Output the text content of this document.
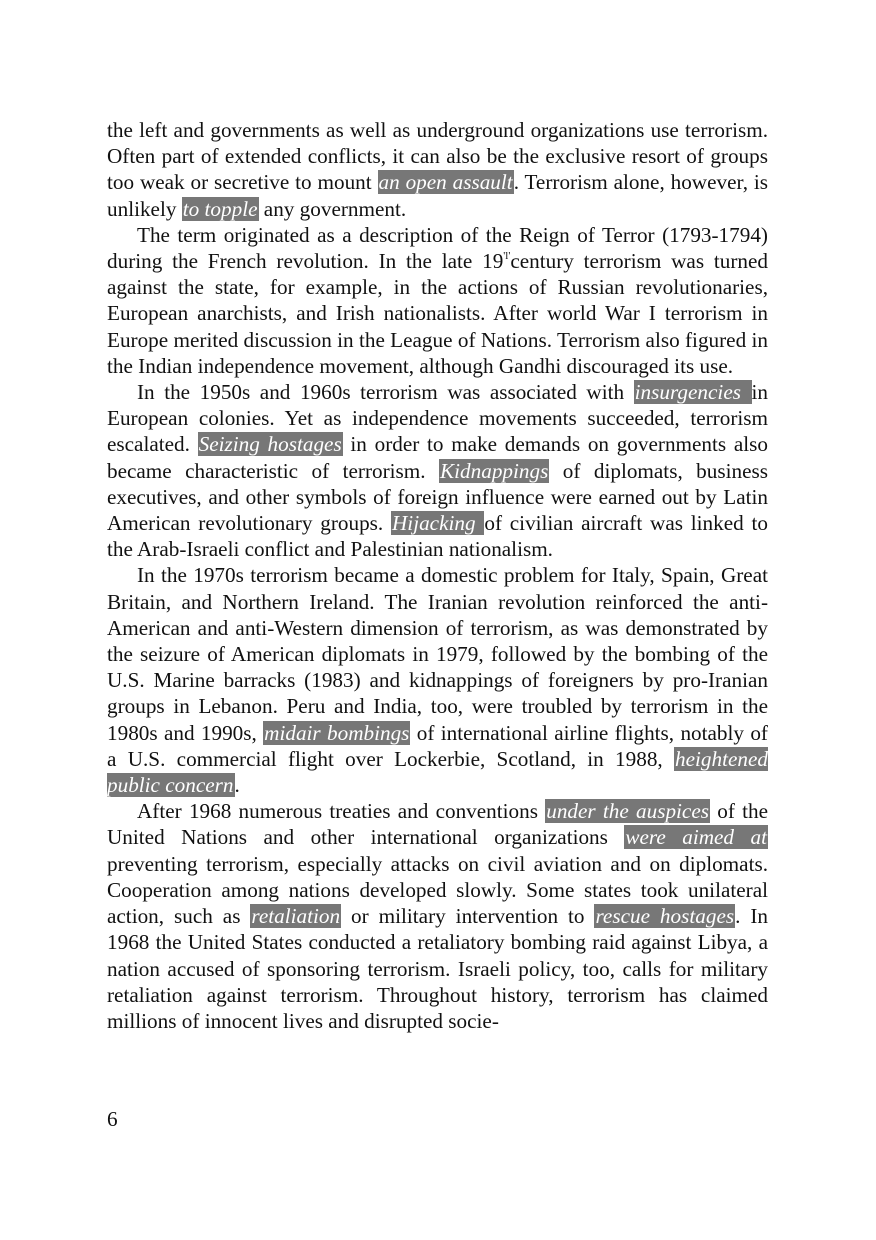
the left and governments as well as underground organizations use terrorism. Often part of extended conflicts, it can also be the exclusive resort of groups too weak or secretive to mount an open assault. Terrorism alone, however, is unlikely to topple any government.

The term originated as a description of the Reign of Terror (1793-1794) during the French revolution. In the late $19^{'l'}century$ terrorism was turned against the state, for example, in the actions of Russian revolutionaries, European anarchists, and Irish nationalists. After world War I terrorism in Europe merited discussion in the League of Nations. Terrorism also figured in the Indian independence movement, although Gandhi discouraged its use.

In the 1950s and 1960s terrorism was associated with insurgencies in European colonies. Yet as independence movements succeeded, terrorism escalated. Seizing hostages in order to make demands on governments also became characteristic of terrorism. Kidnappings of diplomats, business executives, and other symbols of foreign influence were earned out by Latin American revolutionary groups. Hijacking of civilian aircraft was linked to the Arab-Israeli conflict and Palestinian nationalism.

In the 1970s terrorism became a domestic problem for Italy, Spain, Great Britain, and Northern Ireland. The Iranian revolution reinforced the anti-American and anti-Western dimension of terrorism, as was demonstrated by the seizure of American diplomats in 1979, followed by the bombing of the U.S. Marine barracks (1983) and kidnappings of foreigners by pro-Iranian groups in Lebanon. Peru and India, too, were troubled by terrorism in the 1980s and 1990s, midair bombings of international airline flights, notably of a U.S. commercial flight over Lockerbie, Scotland, in 1988, heightened public concern.

After 1968 numerous treaties and conventions under the auspices of the United Nations and other international organizations were aimed at preventing terrorism, especially attacks on civil aviation and on diplomats. Cooperation among nations developed slowly. Some states took unilateral action, such as retaliation or military intervention to rescue hostages. In 1968 the United States conducted a retaliatory bombing raid against Libya, a nation accused of sponsoring terrorism. Israeli policy, too, calls for military retaliation against terrorism. Throughout history, terrorism has claimed millions of innocent lives and disrupted socie-

6
